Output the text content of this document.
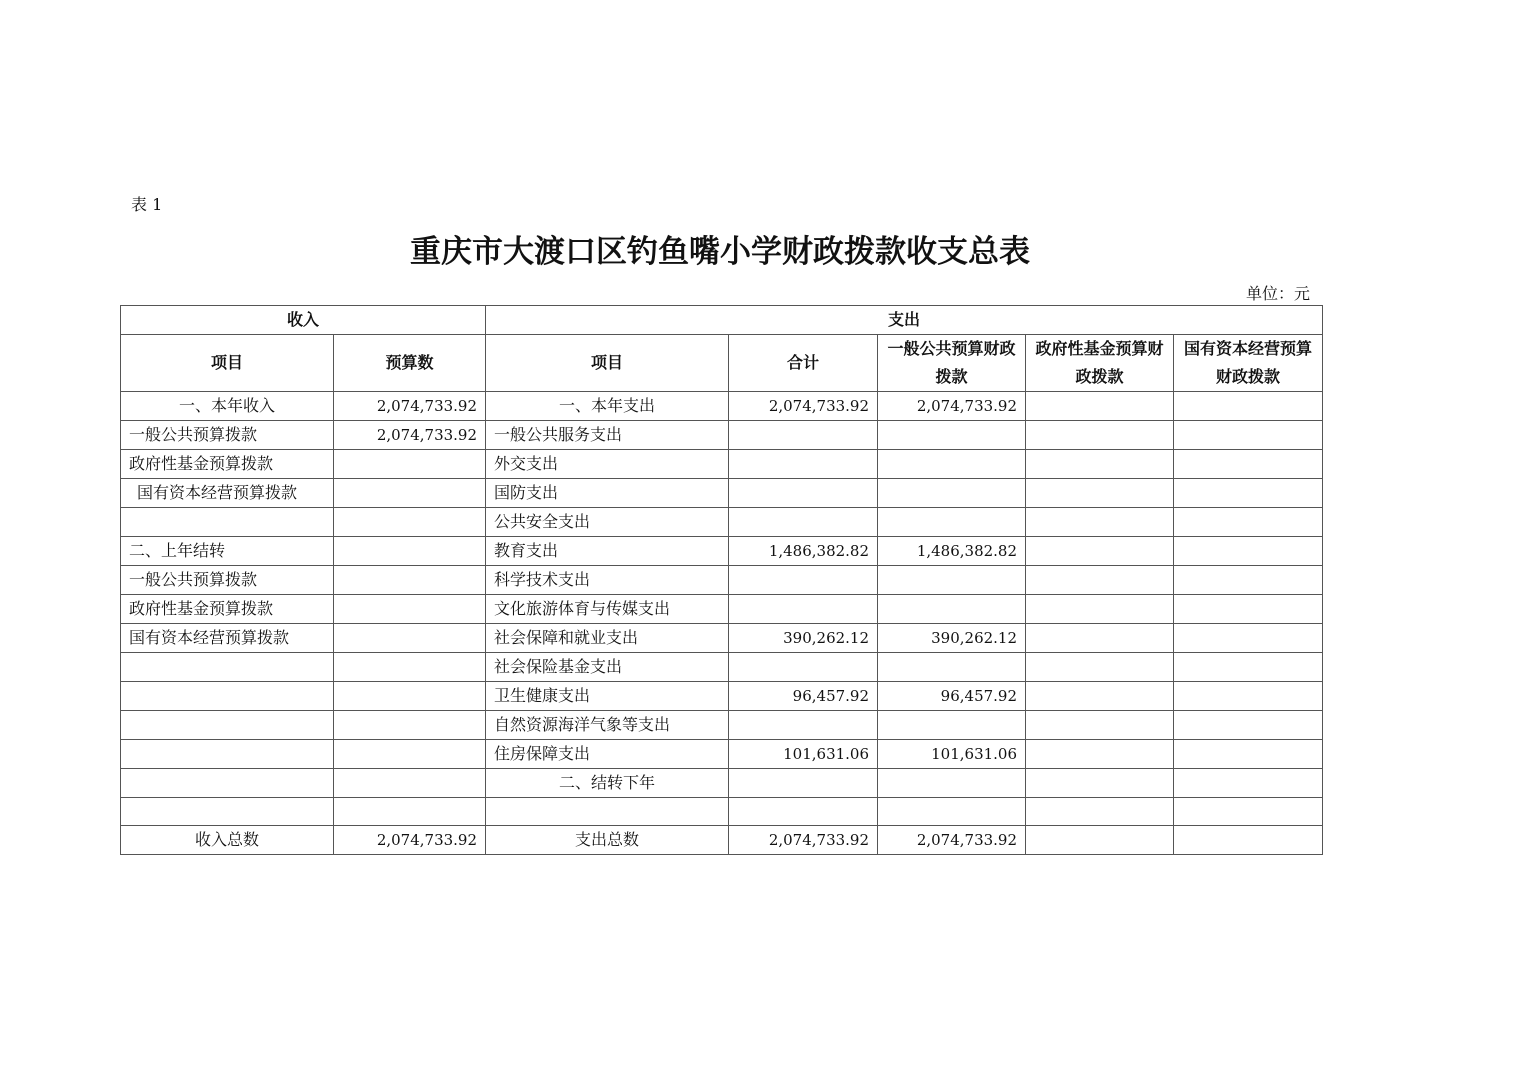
表 1
重庆市大渡口区钓鱼嘴小学财政拨款收支总表
单位：元
收入		支出				
项目	预算数	项目	合计	一般公共预算财政拨款	政府性基金预算财政拨款	国有资本经营预算财政拨款
一、本年收入	2,074,733.92	一、本年支出	2,074,733.92	2,074,733.92		
一般公共预算拨款	2,074,733.92	一般公共服务支出				
政府性基金预算拨款		外交支出				
国有资本经营预算拨款		国防支出				
		公共安全支出				
二、上年结转		教育支出	1,486,382.82	1,486,382.82		
一般公共预算拨款		科学技术支出				
政府性基金预算拨款		文化旅游体育与传媒支出				
国有资本经营预算拨款		社会保障和就业支出	390,262.12	390,262.12		
		社会保险基金支出				
		卫生健康支出	96,457.92	96,457.92		
		自然资源海洋气象等支出				
		住房保障支出	101,631.06	101,631.06		
		二、结转下年				

收入总数	2,074,733.92	支出总数	2,074,733.92	2,074,733.92		
